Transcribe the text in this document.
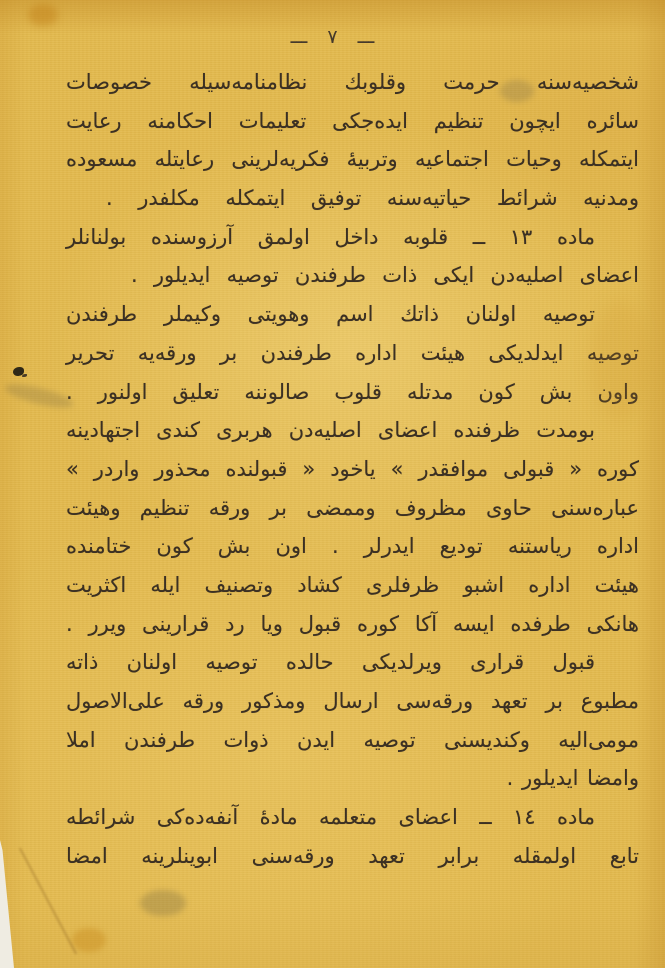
ـــ ٧ ـــ
شخصيه‌سنه حرمت وقلوبك نظامنامه‌سيله خصوصات
سائره ايچون تنظيم ايده‌جكى تعليمات احكامنه رعايت
ايتمكله وحيات اجتماعيه وتربيهٔ فكريه‌لرينى رعايتله مسعوده
ومدنيه شرائط حياتيه‌سنه توفيق ايتمكله مكلفدر .
ماده ١٣ ــ قلوبه داخل اولمق آرزوسنده بولنانلر
اعضاى اصليه‌دن ايكى ذات طرفندن توصيه ايديلور .
توصيه اولنان ذاتك اسم وهويتى وكيملر طرفندن
توصيه ايدلديكى هيئت اداره طرفندن بر ورقه‌يه تحرير
واون بش كون مدتله قلوب صالوننه تعليق اولنور .
بومدت ظرفنده اعضاى اصليه‌دن هربرى كندى اجتهادينه
كوره « قبولى موافقدر » ياخود « قبولنده محذور واردر »
عباره‌سنى حاوى مظروف وممضى بر ورقه تنظيم وهيئت
اداره رياستنه توديع ايدرلر . اون بش كون ختامنده
هيئت اداره اشبو ظرفلرى كشاد وتصنيف ايله اكثريت
هانكى طرفده ايسه آكا كوره قبول ويا رد قرارينى ويرر .
قبول قرارى ويرلديكى حالده توصيه اولنان ذاته
مطبوع بر تعهد ورقه‌سى ارسال ومذكور ورقه على‌الاصول
مومى‌اليه وكنديسنى توصيه ايدن ذوات طرفندن املا
وامضا ايديلور .
ماده ١٤ ــ اعضاى متعلمه مادهٔ آنفه‌ده‌كى شرائطه
تابع اولمقله برابر تعهد ورقه‌سنى ابوينلرينه امضا
